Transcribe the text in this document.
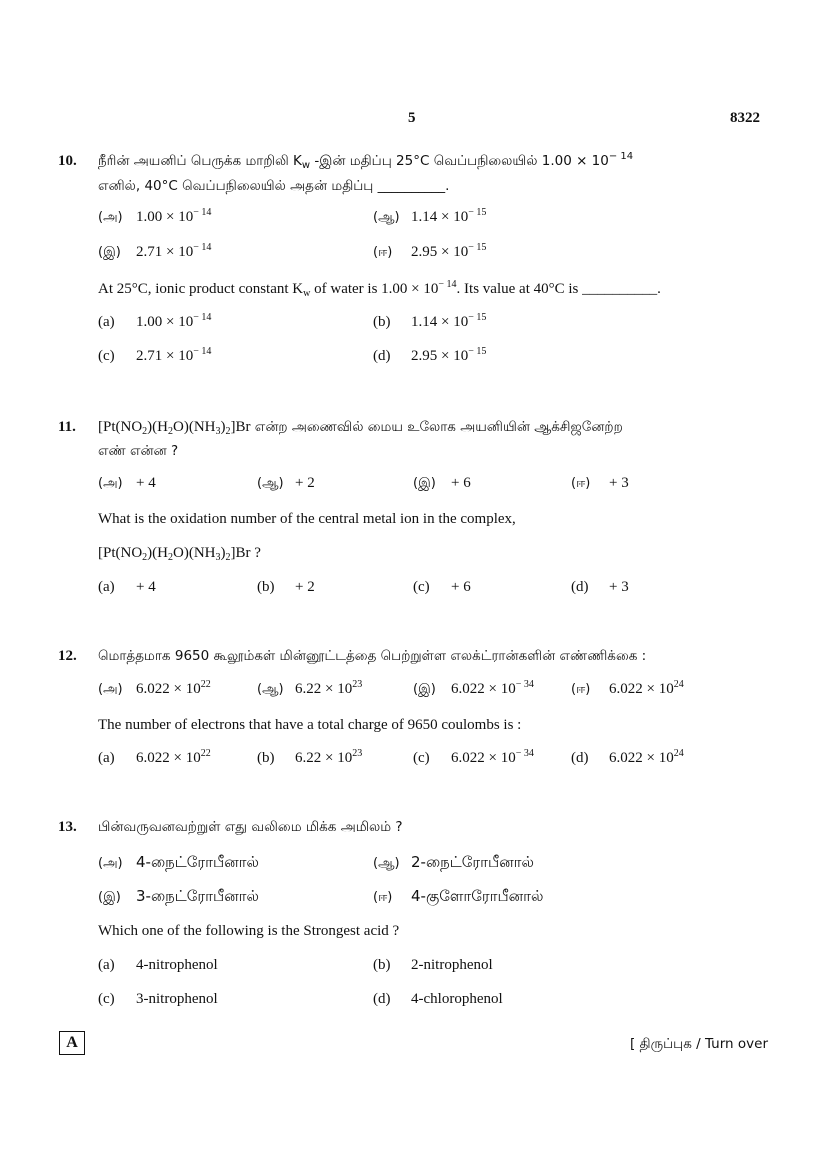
5	8322
10. நீரின் அயனிப் பெருக்க மாறிலி $K_w$ -இன் மதிப்பு 25°C வெப்பநிலையில் $1.00 \times 10^{- 14}$
எனில், 40°C வெப்பநிலையில் அதன் மதிப்பு __________.
(அ) $1.00 \times 10^{- 14}$	(ஆ) $1.14 \times 10^{- 15}$
(இ) $2.71 \times 10^{- 14}$	(ஈ) $2.95 \times 10^{- 15}$
At 25°C, ionic product constant $K_w$ of water is $1.00 \times 10^{- 14}$. Its value at 40°C is __________.
(a) $1.00 \times 10^{- 14}$	(b) $1.14 \times 10^{- 15}$
(c) $2.71 \times 10^{- 14}$	(d) $2.95 \times 10^{- 15}$
11. $[Pt(NO_2)(H_2O)(NH_3)_2]Br$ என்ற அணைவில் மைய உலோக அயனியின் ஆக்சிஜனேற்ற
எண் என்ன ?
(அ) + 4	(ஆ) + 2	(இ) + 6	(ஈ) + 3
What is the oxidation number of the central metal ion in the complex,
$[Pt(NO_2)(H_2O)(NH_3)_2]Br$ ?
(a) + 4	(b) + 2	(c) + 6	(d) + 3
12. மொத்தமாக 9650 கூலூம்கள் மின்னூட்டத்தை பெற்றுள்ள எலக்ட்ரான்களின் எண்ணிக்கை :
(அ) $6.022 \times 10^{22}$	(ஆ) $6.22 \times 10^{23}$	(இ) $6.022 \times 10^{- 34}$	(ஈ) $6.022 \times 10^{24}$
The number of electrons that have a total charge of 9650 coulombs is :
(a) $6.022 \times 10^{22}$	(b) $6.22 \times 10^{23}$	(c) $6.022 \times 10^{- 34}$ (d) $6.022 \times 10^{24}$
13. பின்வருவனவற்றுள் எது வலிமை மிக்க அமிலம் ?
(அ) 4-நைட்ரோபீனால்	(ஆ) 2-நைட்ரோபீனால்
(இ) 3-நைட்ரோபீனால்	(ஈ) 4-குளோரோபீனால்
Which one of the following is the Strongest acid ?
(a) 4-nitrophenol	(b) 2-nitrophenol
(c) 3-nitrophenol	(d) 4-chlorophenol
A	[ திருப்புக / Turn over
